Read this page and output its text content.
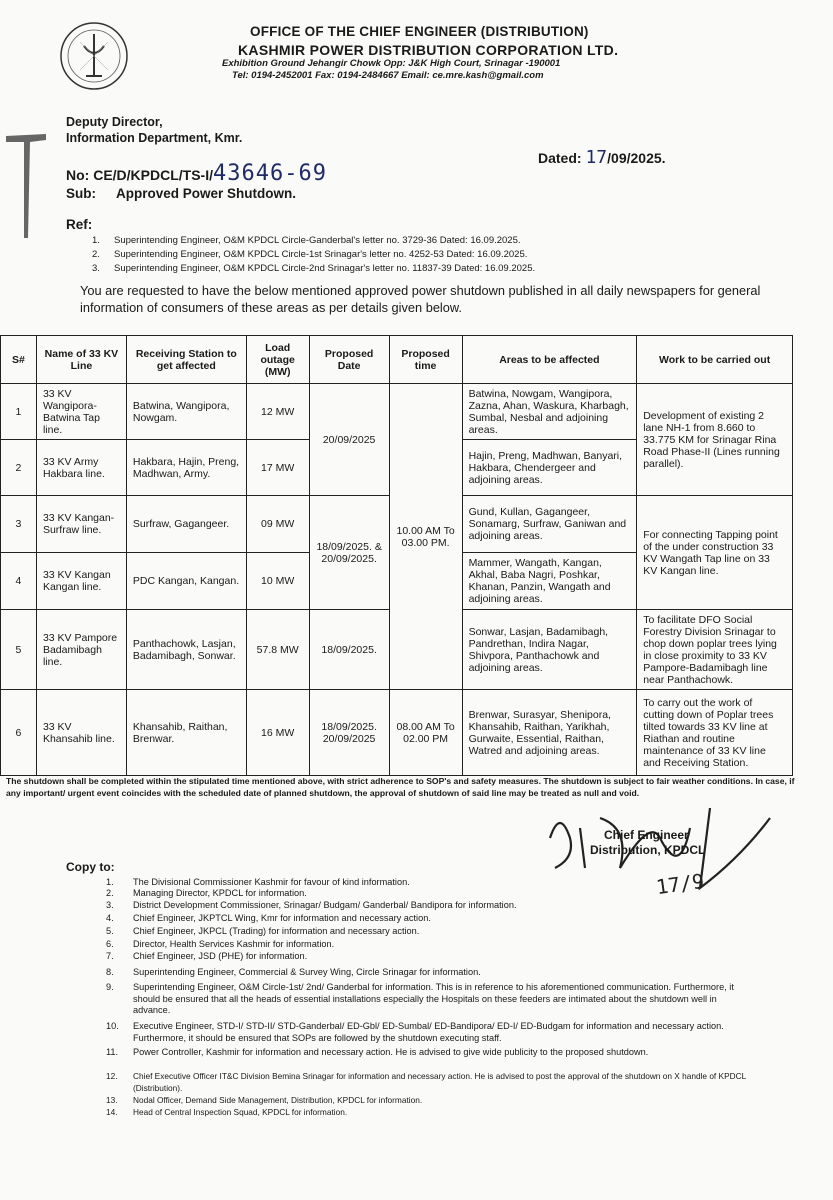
OFFICE OF THE CHIEF ENGINEER (DISTRIBUTION)
KASHMIR POWER DISTRIBUTION CORPORATION LTD.
Exhibition Ground Jehangir Chowk Opp: J&K High Court, Srinagar -190001
Tel: 0194-2452001 Fax: 0194-2484667 Email: ce.mre.kash@gmail.com
Deputy Director,
Information Department, Kmr.
No: CE/D/KPDCL/TS-I/43646-69
Dated: 17/09/2025.
Sub: Approved Power Shutdown.
Ref:
1. Superintending Engineer, O&M KPDCL Circle-Ganderbal's letter no. 3729-36 Dated: 16.09.2025.
2. Superintending Engineer, O&M KPDCL Circle-1st Srinagar's letter no. 4252-53 Dated: 16.09.2025.
3. Superintending Engineer, O&M KPDCL Circle-2nd Srinagar's letter no. 11837-39 Dated: 16.09.2025.
You are requested to have the below mentioned approved power shutdown published in all daily newspapers for general information of consumers of these areas as per details given below.
S#	Name of 33 KV Line	Receiving Station to get affected	Load outage (MW)	Proposed Date	Proposed time	Areas to be affected	Work to be carried out
1	33 KV Wangipora-Batwina Tap line.	Batwina, Wangipora, Nowgam.	12 MW	20/09/2025	10.00 AM To 03.00 PM.	Batwina, Nowgam, Wangipora, Zazna, Ahan, Waskura, Kharbagh, Sumbal, Nesbal and adjoining areas.	Development of existing 2 lane NH-1 from 8.660 to 33.775 KM for Srinagar Rina Road Phase-II (Lines running parallel).
2	33 KV Army Hakbara line.	Hakbara, Hajin, Preng, Madhwan, Army.	17 MW			Hajin, Preng, Madhwan, Banyari, Hakbara, Chendergeer and adjoining areas.	
3	33 KV Kangan-Surfraw line.	Surfraw, Gagangeer.	09 MW	18/09/2025. & 20/09/2025.		Gund, Kullan, Gagangeer, Sonamarg, Surfraw, Ganiwan and adjoining areas.	For connecting Tapping point of the under construction 33 KV Wangath Tap line on 33 KV Kangan line.
4	33 KV Kangan Kangan line.	PDC Kangan, Kangan.	10 MW			Mammer, Wangath, Kangan, Akhal, Baba Nagri, Poshkar, Khanan, Panzin, Wangath and adjoining areas.	
5	33 KV Pampore Badamibagh line.	Panthachowk, Lasjan, Badamibagh, Sonwar.	57.8 MW	18/09/2025.		Sonwar, Lasjan, Badamibagh, Pandrethan, Indira Nagar, Shivpora, Panthachowk and adjoining areas.	To facilitate DFO Social Forestry Division Srinagar to chop down poplar trees lying in close proximity to 33 KV Pampore-Badamibagh line near Panthachowk.
6	33 KV Khansahib line.	Khansahib, Raithan, Brenwar.	16 MW	18/09/2025. 20/09/2025	08.00 AM To 02.00 PM	Brenwar, Surasyar, Shenipora, Khansahib, Raithan, Yarikhah, Gurwaite, Essential, Raithan, Watred and adjoining areas.	To carry out the work of cutting down of Poplar trees tilted towards 33 KV line at Riathan and routine maintenance of 33 KV line and Receiving Station.
The shutdown shall be completed within the stipulated time mentioned above, with strict adherence to SOP's and safety measures. The shutdown is subject to fair weather conditions. In case, if any important/ urgent event coincides with the scheduled date of planned shutdown, the approval of shutdown of said line may be treated as null and void.
Chief Engineer
Distribution, KPDCL
17/9
Copy to:
1. The Divisional Commissioner Kashmir for favour of kind information.
2. Managing Director, KPDCL for information.
3. District Development Commissioner, Srinagar/ Budgam/ Ganderbal/ Bandipora for information.
4. Chief Engineer, JKPTCL Wing, Kmr for information and necessary action.
5. Chief Engineer, JKPCL (Trading) for information and necessary action.
6. Director, Health Services Kashmir for information.
7. Chief Engineer, JSD (PHE) for information.
8. Superintending Engineer, Commercial & Survey Wing, Circle Srinagar for information.
9. Superintending Engineer, O&M Circle-1st/ 2nd/ Ganderbal for information. This is in reference to his aforementioned communication. Furthermore, it should be ensured that all the heads of essential installations especially the Hospitals on these feeders are intimated about the shutdown well in advance.
10. Executive Engineer, STD-I/ STD-II/ STD-Ganderbal/ ED-Gbl/ ED-Sumbal/ ED-Bandipora/ ED-I/ ED-Budgam for information and necessary action. Furthermore, it should be ensured that SOPs are followed by the shutdown executing staff.
11. Power Controller, Kashmir for information and necessary action. He is advised to give wide publicity to the proposed shutdown.
12. Chief Executive Officer IT&C Division Bemina Srinagar for information and necessary action. He is advised to post the approval of the shutdown on X handle of KPDCL (Distribution).
13. Nodal Officer, Demand Side Management, Distribution, KPDCL for information.
14. Head of Central Inspection Squad, KPDCL for information.
